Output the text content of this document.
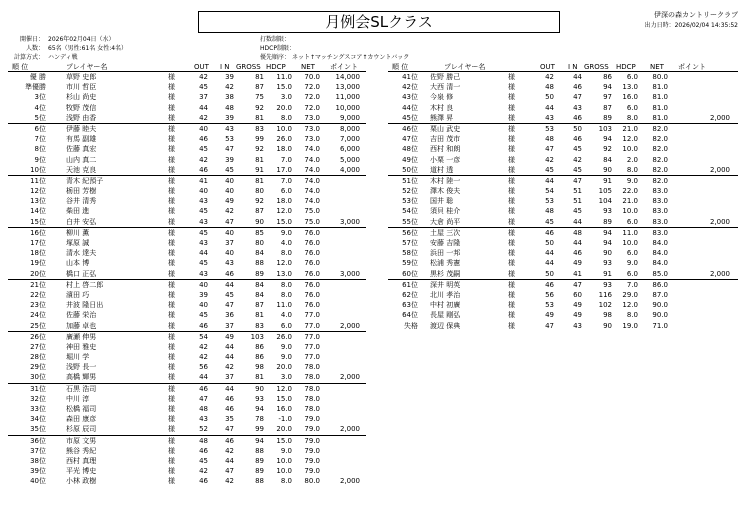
月例会SLクラス	伊深の森カントリークラブ
出力日時：2026/02/04 14:35:52
開催日： 2026年02月04日（水）
人数： 65名（男性:61名 女性:4名）
計算方式： ハンディ戦
打数制限：
HDCP制限：
優先順序： ネット↑マッチングスコア↑カウントバック
順 位	プレイヤー名	OUT I N GROSS HDCP NET ポイント	順 位	プレイヤー名	OUT I N GROSS HDCP NET ポイント
優 勝	草野 史郎	様	42	39	81	11.0	70.0	14,000
準優勝	市川 哲臣	様	45	42	87	15.0	72.0	13,000
3位	杉山 尚史	様	37	38	75	3.0	72.0	11,000
4位	牧野 茂信	様	44	48	92	20.0	72.0	10,000
5位	浅野 由香	様	42	39	81	8.0	73.0	9,000
6位	伊藤 睦夫	様	40	43	83	10.0	73.0	8,000
7位	有馬 副雄	様	46	53	99	26.0	73.0	7,000
8位	佐藤 真宏	様	45	47	92	18.0	74.0	6,000
9位	山内 真二	様	42	39	81	7.0	74.0	5,000
10位	天池 克良	様	46	45	91	17.0	74.0	4,000
11位	青木 紀預子	様	41	40	81	7.0	74.0
12位	栃田 芳樹	様	40	40	80	6.0	74.0
13位	谷井 清秀	様	43	49	92	18.0	74.0
14位	柴田 進	様	45	42	87	12.0	75.0
15位	白井 安弘	様	43	47	90	15.0	75.0	3,000
16位	柳川 薫	様	45	40	85	9.0	76.0
17位	塚原 誠	様	43	37	80	4.0	76.0
18位	清水 達夫	様	44	40	84	8.0	76.0
19位	山本 博	様	45	43	88	12.0	76.0
20位	橋口 正弘	様	43	46	89	13.0	76.0	3,000
21位	村上 啓二郎	様	40	44	84	8.0	76.0
22位	濱田 巧	様	39	45	84	8.0	76.0
23位	井波 隆日出	様	40	47	87	11.0	76.0
24位	佐藤 栄治	様	45	36	81	4.0	77.0
25位	加藤 卓也	様	46	37	83	6.0	77.0	2,000
26位	廣瀬 伸男	様	54	49	103	26.0	77.0
27位	神田 雅史	様	42	44	86	9.0	77.0
28位	堀川 学	様	42	44	86	9.0	77.0
29位	浅野 長一	様	56	42	98	20.0	78.0
30位	高橋 輝男	様	44	37	81	3.0	78.0	2,000
31位	石黒 浩司	様	46	44	90	12.0	78.0
32位	中川 淳	様	47	46	93	15.0	78.0
33位	松橋 福司	様	48	46	94	16.0	78.0
34位	森田 康彦	様	43	35	78	-1.0	79.0
35位	杉原 辰司	様	52	47	99	20.0	79.0	2,000
36位	市原 文男	様	48	46	94	15.0	79.0
37位	熊谷 秀紀	様	46	42	88	9.0	79.0
38位	西村 真理	様	45	44	89	10.0	79.0
39位	平光 博史	様	42	47	89	10.0	79.0
40位	小林 政樹	様	46	42	88	8.0	80.0	2,000
41位 佐野 勝己	様	42	44	86	6.0	80.0
42位 大西 清一	様	48	46	94	13.0	81.0
43位 今泉 修	様	50	47	97	16.0	81.0
44位 木村 良	様	44	43	87	6.0	81.0
45位 熊澤 昇	様	43	46	89	8.0	81.0	2,000
46位 栗山 武史	様	53	50	103	21.0	82.0
47位 吉田 茂市	様	48	46	94	12.0	82.0
48位 西村 和朗	様	47	45	92	10.0	82.0
49位 小栗 一彦	様	42	42	84	2.0	82.0
50位 道村 透	様	45	45	90	8.0	82.0	2,000
51位 木村 陸一	様	44	47	91	9.0	82.0
52位 澤木 俊夫	様	54	51	105	22.0	83.0
53位 国井 聡	様	53	51	104	21.0	83.0
54位 須貝 桂介	様	48	45	93	10.0	83.0
55位 大倉 尚平	様	45	44	89	6.0	83.0	2,000
56位 土屋 三次	様	46	48	94	11.0	83.0
57位 安藤 吉隆	様	50	44	94	10.0	84.0
58位 浜田 一邦	様	44	46	90	6.0	84.0
59位 松浦 秀憲	様	44	49	93	9.0	84.0
60位 黒杉 茂嗣	様	50	41	91	6.0	85.0	2,000
61位 深井 明英	様	46	47	93	7.0	86.0
62位 北川 孝治	様	56	60	116	29.0	87.0
63位 中村 初廣	様	53	49	102	12.0	90.0
64位 長屋 剛弘	様	49	49	98	8.0	90.0
失格 渡辺 保典	様	47	43	90	19.0	71.0
